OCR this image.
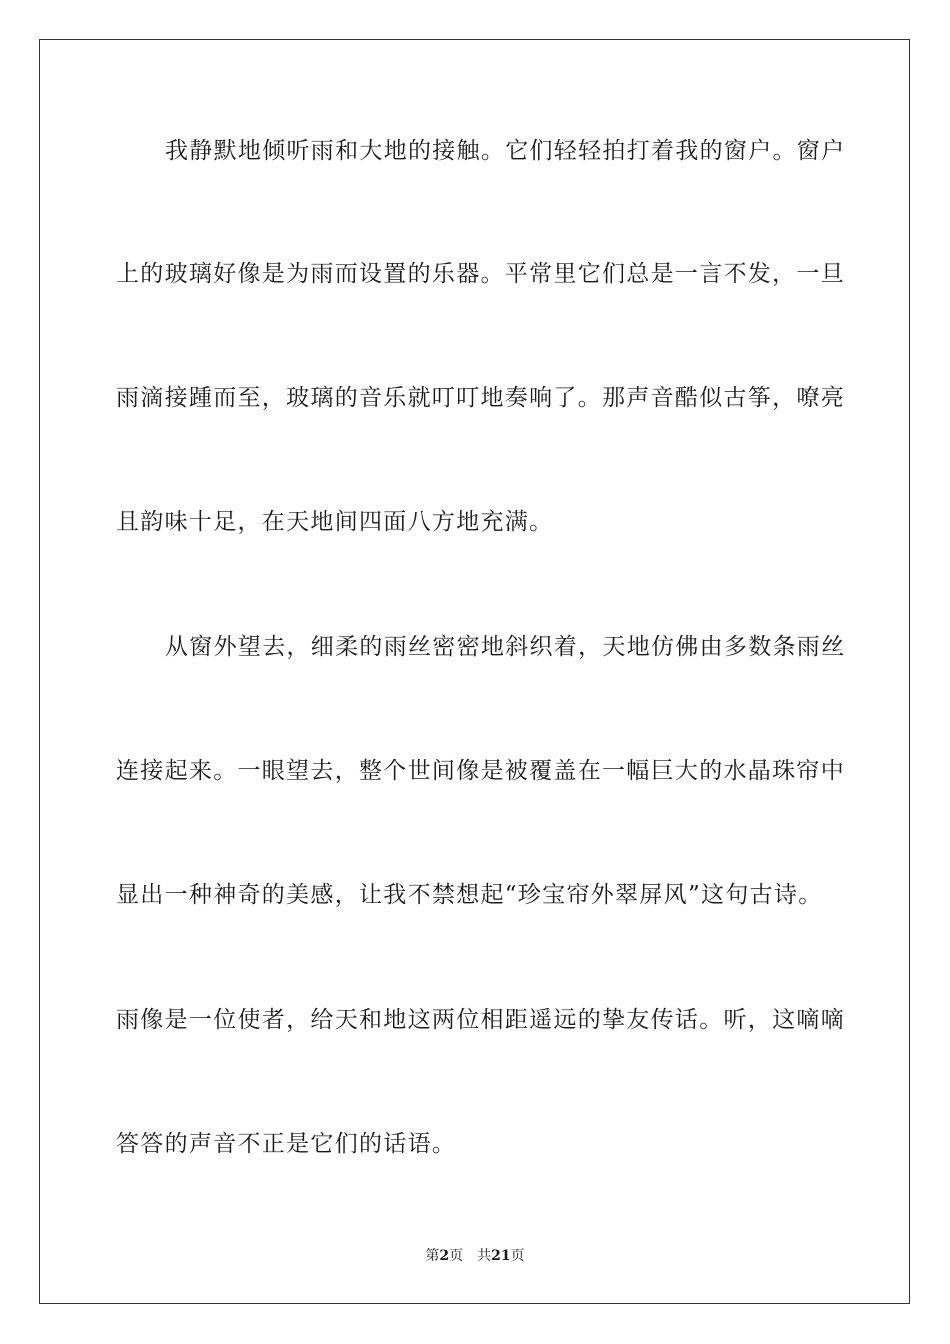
我静默地倾听雨和大地的接触。它们轻轻拍打着我的窗户。窗户
上的玻璃好像是为雨而设置的乐器。平常里它们总是一言不发，一旦
雨滴接踵而至，玻璃的音乐就叮叮地奏响了。那声音酷似古筝，嘹亮
且韵味十足，在天地间四面八方地充满。
从窗外望去，细柔的雨丝密密地斜织着，天地仿佛由多数条雨丝
连接起来。一眼望去，整个世间像是被覆盖在一幅巨大的水晶珠帘中
显出一种神奇的美感，让我不禁想起“珍宝帘外翠屏风”这句古诗。
雨像是一位使者，给天和地这两位相距遥远的挚友传话。听，这嘀嘀
答答的声音不正是它们的话语。
第2页 共21页
